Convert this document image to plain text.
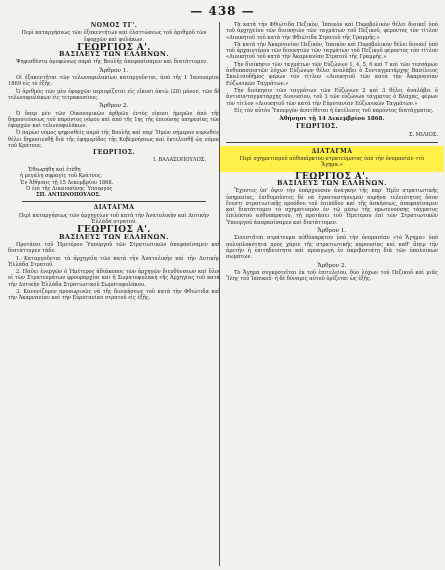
— 438 —
ΝΟΜΟΣ ΤΓ'.
Περὶ καταργήσεως τῶν ἐξακεντήτων καὶ ἐλαττώσεως τοῦ ἀριθμοῦ τῶν ἔφορχῶν καὶ φυλάκων.
ΓΕΩΡΓΙΟΣ Α'.
ΒΑΣΙΛΕΥΣ ΤΩΝ ΕΛΛΗΝΩΝ.
Ψηφισθέντα ὁμοφώνως παρὰ τῆς Βουλῆς ἀπεφασίσαμεν καὶ διατάττομεν.
Ἄρθρον 1.
Οἱ ἐξακεντῆται τῶν τελωνοφυλακίων καταργοῦνται, ἀπὸ τῆς 1 Ἰανουαρίου 1869 εἰς τὸ ἑξῆς.
Ὁ ἀριθμὸς τῶν μὲν ἐφορχῶν περιορίζεται εἰς εἴκοσι ὀκτὼ (28) μόνον, τῶν δὲ τελωνοφυλάκων εἰς τετρακοσίους.
Ἄρθρον 2.
Ὁ ὅπερ μὲν τῶν Οἰκονομικῶν ἀρθρῶν ἐντὸς εἰκοσι ἡμερῶν ἀπὸ τῆς δημοσιεύσεως τοῦ παρόντος νόμου καὶ ἀπὸ τῆς 1ης τῆς ἐπιούσης ὑπηρεσίας τῶν ἐφορχῶν καὶ τελωνοφυλάκων.
Ὁ παρὼν νόμος ψηφισθεὶς παρὰ τῆς Βουλῆς καὶ παρ' Ἡμῶν σήμερον κυρωθεὶς θέλει δημοσιευθῇ διὰ τῆς ἐφημερίδος τῆς Κυβερνήσεως καὶ ἐκτελεσθῇ ὡς νόμος τοῦ Κράτους.
ΓΕΩΡΓΙΟΣ.
Ι. ΒΑΛΑΣΟΠΟΥΛΟΣ.
Ἐθεωρήθη καὶ ἐτέθη
ἡ μεγάλη σφραγὶς τοῦ Κράτους.
Ἐν Ἀθήναις τῇ 15 Δεκεμβρίου 1868.
Ὁ ἐπὶ τῆς Δικαιοσύνης Ὑπουργός
ΣΠ. ΑΝΤΩΝΟΠΟΥΛΟΣ.
ΔΙΑΤΑΓΜΑ
Περὶ καταργήσεως τῶν ἀρχηγείων τοῦ κατὰ τὴν Ἀνατολικὴν καὶ Δυτικὴν Ἑλλάδα στρατοῦ.
ΓΕΩΡΓΙΟΣ Α'.
ΒΑΣΙΛΕΥΣ ΤΩΝ ΕΛΛΗΝΩΝ.
Προτάσει τοῦ Ἡμετέρου Ὑπουργοῦ τῶν Στρατιωτικῶν ἀπεφασίσαμεν καὶ διατάττομεν τάδε.
1. Καταργοῦνται τὰ ἀρχηγεῖα τῶν κατὰ τὴν Ἀνατολικὴν καὶ τὴν Δυτικὴν Ἑλλάδα Στρατοῦ.
2. Παῦει ἐνεργῶν ὁ Ἡμέτερος ἀδιάκοπος τῶν ἀρχηγῶν διευθύνσεων καὶ ὅλοι οἱ τῶν Στρατευμάτων φρουραρχίαι καὶ ἡ Σωματοφυλακὴ τῆς Ἀρχηγίας τοῦ κατὰ τὴν Δυτικὴν Ἑλλάδα Στρατιωτικοῦ Σωματοφυλάκου.
3. Κανονίζομεν προσωρινῶς νὰ τῆς διοικήσεως τοῦ κατὰ τὴν Φθιώτιδα καὶ τὴν Ἀκαρνανίαν καὶ τὴν Εὐρυτανίαν στρατοῦ εἰς ἑξῆς.
Τὰ κατὰ τὴν Φθιώτιδα Πεζικὸν, Ἱππικὸν καὶ Πυροβολικὸν θέλει διοικεῖ ὑπὸ τοῦ ἀρχηγείου τῶν διοικητῶν τῶν ταγμάτων τοῦ Πεζικοῦ, φέροντος τὸν τίτλον «Διοικητοῦ τοῦ κατὰ τὴν Φθιώτιδα Στρατοῦ τῆς Γραμμῆς.»
Τὰ κατὰ τὴν Ἀκαρνανίαν Πεζικὸν, Ἱππικὸν καὶ Πυροβολικὸν θέλει διοικεῖ ὑπὸ τοῦ ἀρχαιοτέρου τῶν διοικητῶν τῶν ταγμάτων τοῦ Πεζικοῦ φέροντος τὸν τίτλον «Διοικητοῦ τοῦ κατὰ τὴν Ἀκαρνανίαν Στρατοῦ τῆς Γραμμῆς.»
Τὴν διοίκησιν τῶν ταγμάτων τῶν Εὐζώνων 1, 4, 5, 6 καὶ 7 καὶ τῶν τεσσάρων ἀνθυπασπιστῶν λόχων Εὐζώνων θέλει ἀναλάβει ὁ Συνταγματάρχης Βασίλειος Σκαλτσοδῆμος φέρων τὸν τίτλον «Διοικητοῦ τῶν κατὰ τὴν Ἀκαρνανίαν Εὐζωνικῶν Ταγμάτων.»
Τὴν διοίκησιν τῶν ταγμάτων τῶν Εὐζώνων 2 καὶ 3 θέλει ἀναλάβει ὁ ἀντισυνταγματάρχης Διονυσίου, τοῦ 3 τῶν εὐζώνων τάγματος ὁ Βλάχας, φέρων τὸν τίτλον «Διοικητοῦ τῶν κατὰ τὴν Εὐρυτανίαν Εὐζωνικῶν Ταγμάτων.»
Εἰς τὸν αὐτὸν Ὑπουργὸν ἀνατίθεται ἡ ἐκτέλεσις τοῦ παρόντος διατάγματος.
Ἀθήνησι τῇ 14 Δεκεμβρίου 1868.
ΓΕΩΡΓΙΟΣ.
Σ. ΜΙΛΙΟΣ.
ΔΙΑΤΑΓΜΑ
Περὶ σχηματισμοῦ αὐθυπάρκτου στρατεύματος ὑπὸ τὴν ὀνομασίαν «τὸ Ἄγημα.»
ΓΕΩΡΓΙΟΣ Α'.
ΒΑΣΙΛΕΥΣ ΤΩΝ ΕΛΛΗΝΩΝ.
Ἔχοντες ὑπ' ὄψιν τὴν ὑπάρχουσαν ἀνάγκην τῆς παρ' Ἡμῖν στρατιωτικῆς ὑπηρεσίας, ἐπιθυμοῦντες δὲ νὰ ἐγκαταστήσωμεν πυρῆνα τελειότητος ὅσον ἔνεστι στρατιωτικῆς προόδου τοῦ ἐπιπέδου καὶ τῆς ἀσκήσεως, ἀπεφασίσαμεν καὶ διατάττομεν τὸ σχηματισμὸν ἐν τῷ μέσῳ τῆς πρωτευούσης τάγματος ἐπιλέκτου αὐθυπάρκτου, τῇ προτάσει τοῦ Ἡμετέρου ἐπὶ τῶν Στρατιωτικῶν Ὑπουργοῦ ἀπεφασίσαμεν καὶ διατάττομεν.
Ἄρθρον 1.
Συνιστᾶται στράτευμα αὐθύπαρκτον ὑπὸ τὴν ὀνομασίαν «τὸ Ἄγημα» ὑπὸ πολυπλοκότητα πρὸς χάριν τῆς στρατιωτικῆς παρουσίας καὶ καθ' ἅπερ τὴν ἀρετὴν ἡ ἐπιτηδειότητα καὶ προαγωγὴ ἐν ἀκριβεστάτῃ διὰ τῶν ὑπολοίπων σωμάτων.
Ἄρθρον 2.
Τὸ Ἄγημα συγκροτεῖται ἐκ τοῦ ἐπιτελείου, δύο λόχων τοῦ Πεζικοῦ καὶ μιᾶς Ἴλης τοῦ Ἱππικοῦ· ἡ δὲ δύναμις αὐτοῦ ὁρίζεται ὡς ἑξῆς.
